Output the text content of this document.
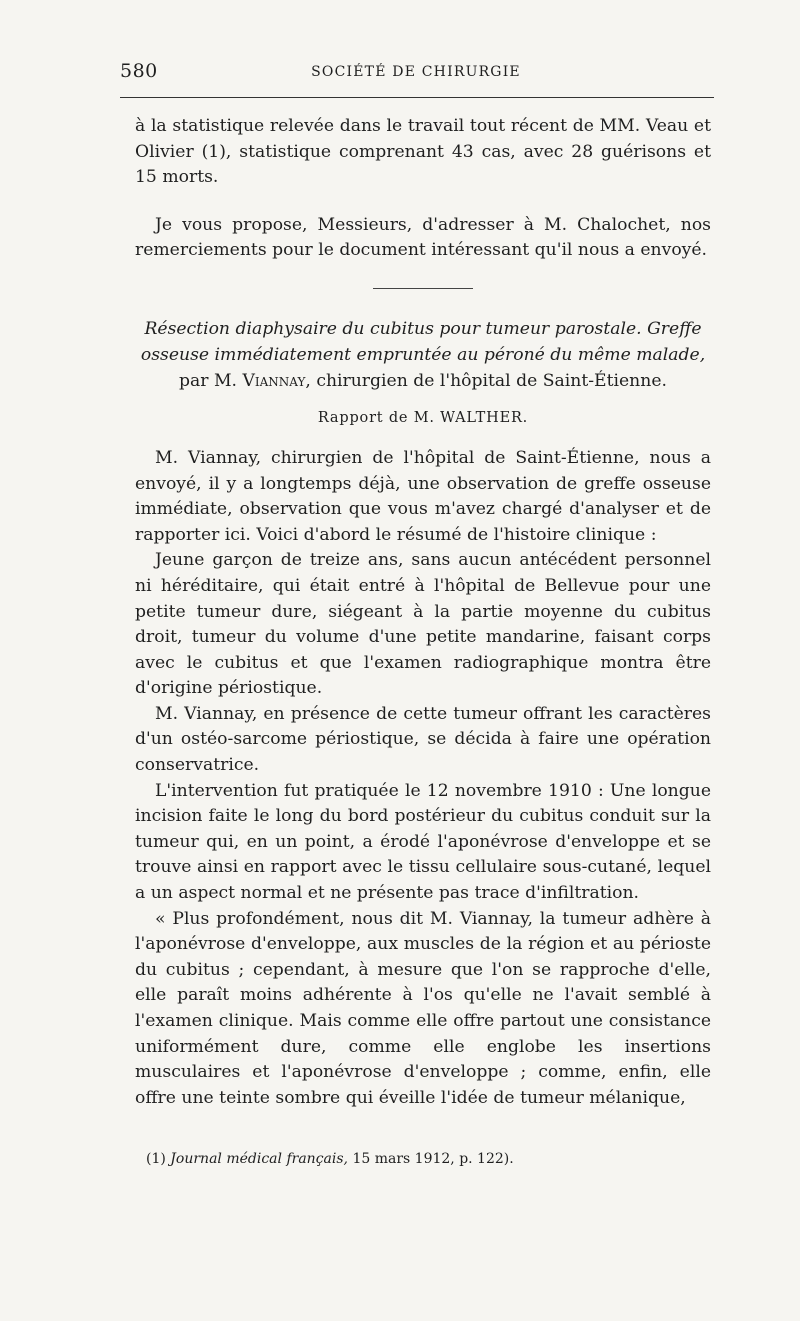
580	SOCIÉTÉ DE CHIRURGIE

à la statistique relevée dans le travail tout récent de MM. Veau et Olivier (1), statistique comprenant 43 cas, avec 28 guérisons et 15 morts.

Je vous propose, Messieurs, d'adresser à M. Chalochet, nos remerciements pour le document intéressant qu'il nous a envoyé.

Résection diaphysaire du cubitus pour tumeur parostale. Greffe osseuse immédiatement empruntée au péroné du même malade,
par M. Viannay, chirurgien de l'hôpital de Saint-Étienne.
Rapport de M. WALTHER.

M. Viannay, chirurgien de l'hôpital de Saint-Étienne, nous a envoyé, il y a longtemps déjà, une observation de greffe osseuse immédiate, observation que vous m'avez chargé d'analyser et de rapporter ici. Voici d'abord le résumé de l'histoire clinique :

Jeune garçon de treize ans, sans aucun antécédent personnel ni héréditaire, qui était entré à l'hôpital de Bellevue pour une petite tumeur dure, siégeant à la partie moyenne du cubitus droit, tumeur du volume d'une petite mandarine, faisant corps avec le cubitus et que l'examen radiographique montra être d'origine périostique.

M. Viannay, en présence de cette tumeur offrant les caractères d'un ostéo-sarcome périostique, se décida à faire une opération conservatrice.

L'intervention fut pratiquée le 12 novembre 1910 : Une longue incision faite le long du bord postérieur du cubitus conduit sur la tumeur qui, en un point, a érodé l'aponévrose d'enveloppe et se trouve ainsi en rapport avec le tissu cellulaire sous-cutané, lequel a un aspect normal et ne présente pas trace d'infiltration.

« Plus profondément, nous dit M. Viannay, la tumeur adhère à l'aponévrose d'enveloppe, aux muscles de la région et au périoste du cubitus ; cependant, à mesure que l'on se rapproche d'elle, elle paraît moins adhérente à l'os qu'elle ne l'avait semblé à l'examen clinique. Mais comme elle offre partout une consistance uniformément dure, comme elle englobe les insertions musculaires et l'aponévrose d'enveloppe ; comme, enfin, elle offre une teinte sombre qui éveille l'idée de tumeur mélanique,

(1) Journal médical français, 15 mars 1912, p. 122).
